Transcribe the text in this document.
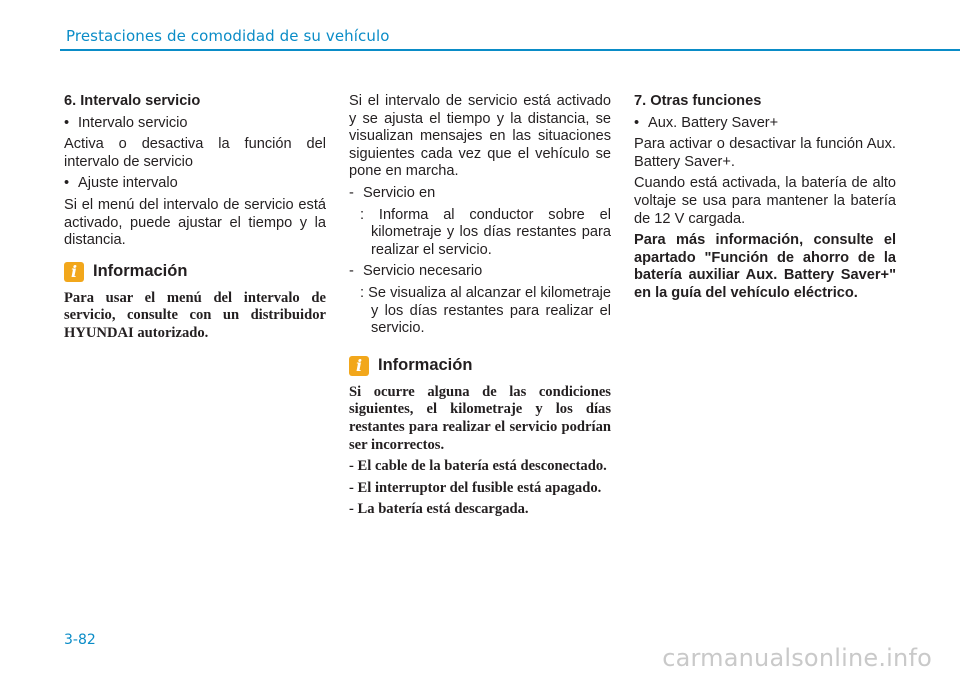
Prestaciones de comodidad de su vehículo

6. Intervalo servicio

• Intervalo servicio

Activa o desactiva la función del intervalo de servicio

• Ajuste intervalo

Si el menú del intervalo de servicio está activado, puede ajustar el tiempo y la distancia.

i Información

Para usar el menú del intervalo de servicio, consulte con un distribuidor HYUNDAI autorizado.

Si el intervalo de servicio está activado y se ajusta el tiempo y la distancia, se visualizan mensajes en las situaciones siguientes cada vez que el vehículo se pone en marcha.

- Servicio en

: Informa al conductor sobre el kilometraje y los días restantes para realizar el servicio.

- Servicio necesario

: Se visualiza al alcanzar el kilometraje y los días restantes para realizar el servicio.

i Información

Si ocurre alguna de las condiciones siguientes, el kilometraje y los días restantes para realizar el servicio podrían ser incorrectos.

- El cable de la batería está desconectado.

- El interruptor del fusible está apagado.

- La batería está descargada.

7. Otras funciones

• Aux. Battery Saver+

Para activar o desactivar la función Aux. Battery Saver+.

Cuando está activada, la batería de alto voltaje se usa para mantener la batería de 12 V cargada.

Para más información, consulte el apartado "Función de ahorro de la batería auxiliar Aux. Battery Saver+" en la guía del vehículo eléctrico.

3-82
carmanualsonline.info
